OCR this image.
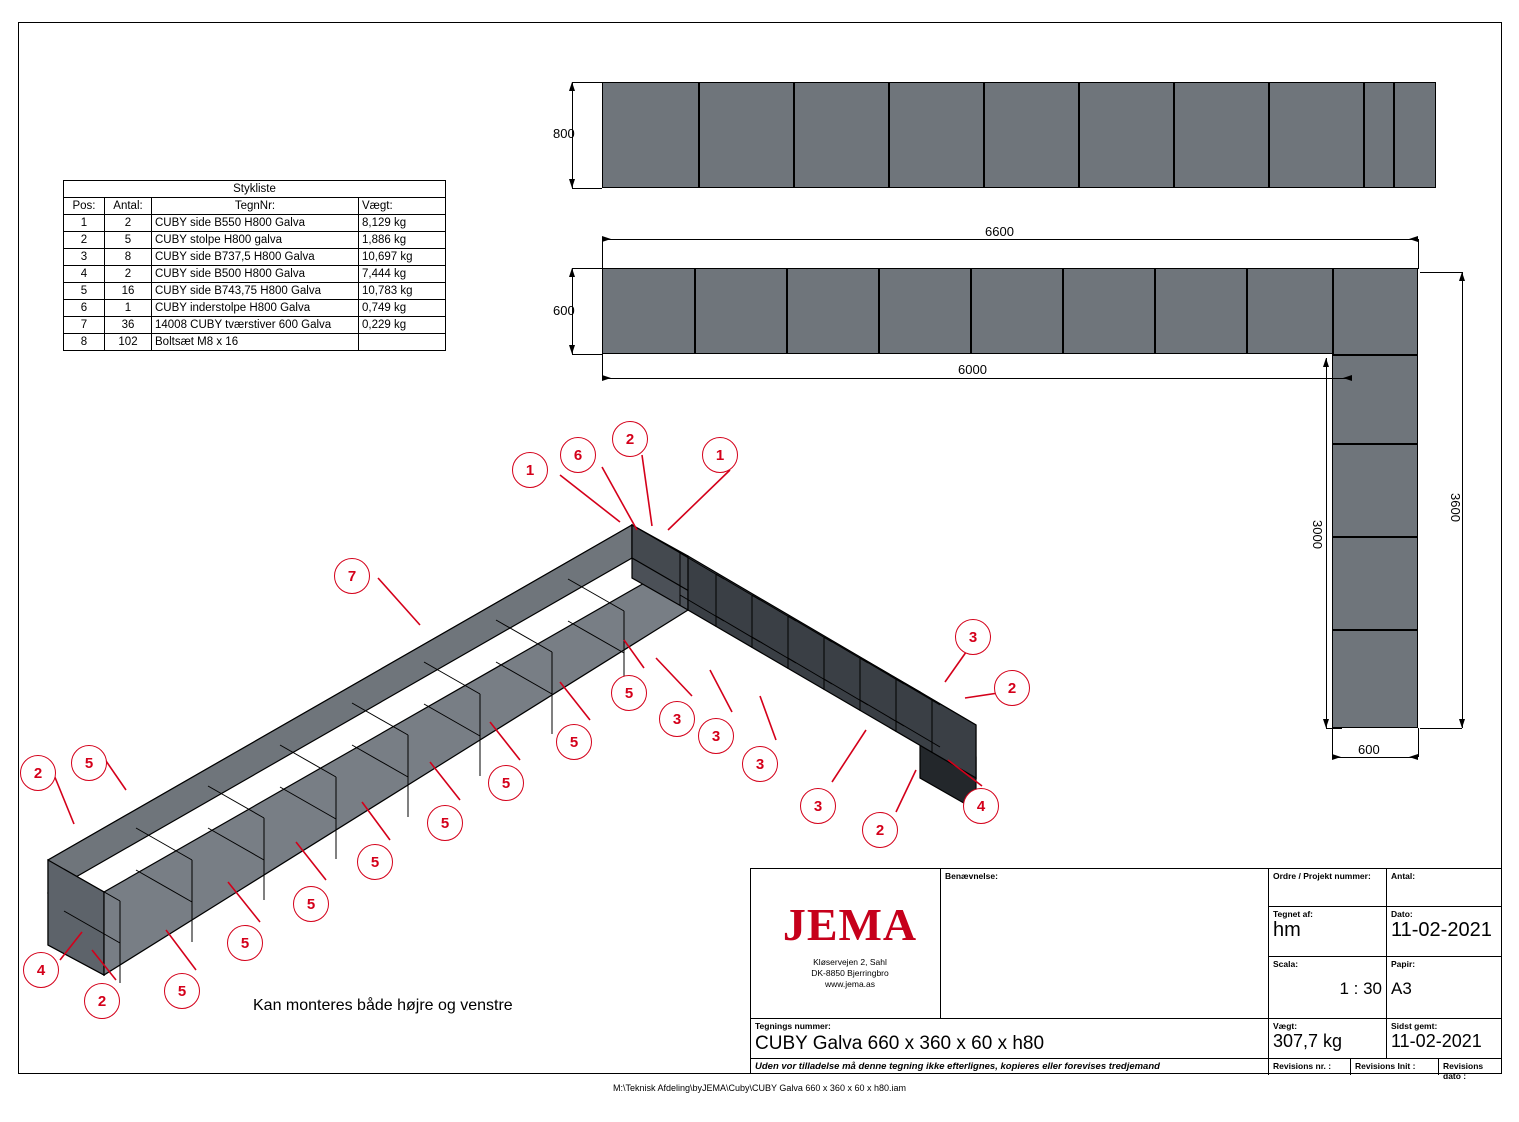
Stykliste			
Pos:	Antal:	TegnNr:	Vægt:
1	2	CUBY side B550 H800 Galva	8,129 kg
2	5	CUBY stolpe H800 galva	1,886 kg
3	8	CUBY side B737,5 H800 Galva	10,697 kg
4	2	CUBY side B500 H800 Galva	7,444 kg
5	16	CUBY side B743,75 H800 Galva	10,783 kg
6	1	CUBY inderstolpe H800 Galva	0,749 kg
7	36	14008 CUBY tværstiver 600 Galva	0,229 kg
8	102	Boltsæt M8 x 16	
800
6600
600
6000
3600
3000
600
1
6
2
1
7
3
2
5
3
3
3
3
5
5
5
5
5
5
5
5
2
4
2
4
2
Kan monteres både højre og venstre
Benævnelse:	Ordre / Projekt nummer:	Antal:
Tegnet af:
hm
Dato:
11-02-2021
Scala:
1 : 30
Papir:
A3
Tegnings nummer:
CUBY Galva 660 x 360 x 60 x h80
Vægt:
307,7 kg
Sidst gemt:
11-02-2021
Uden vor tilladelse må denne tegning ikke efterlignes, kopieres eller forevises tredjemand	Revisions nr. :	Revisions Init :	Revisions dato :
JEMA
Kløservejen 2, Sahl
DK-8850 Bjerringbro
www.jema.as
M:\Teknisk Afdeling\byJEMA\Cuby\CUBY Galva 660 x 360 x 60 x h80.iam
